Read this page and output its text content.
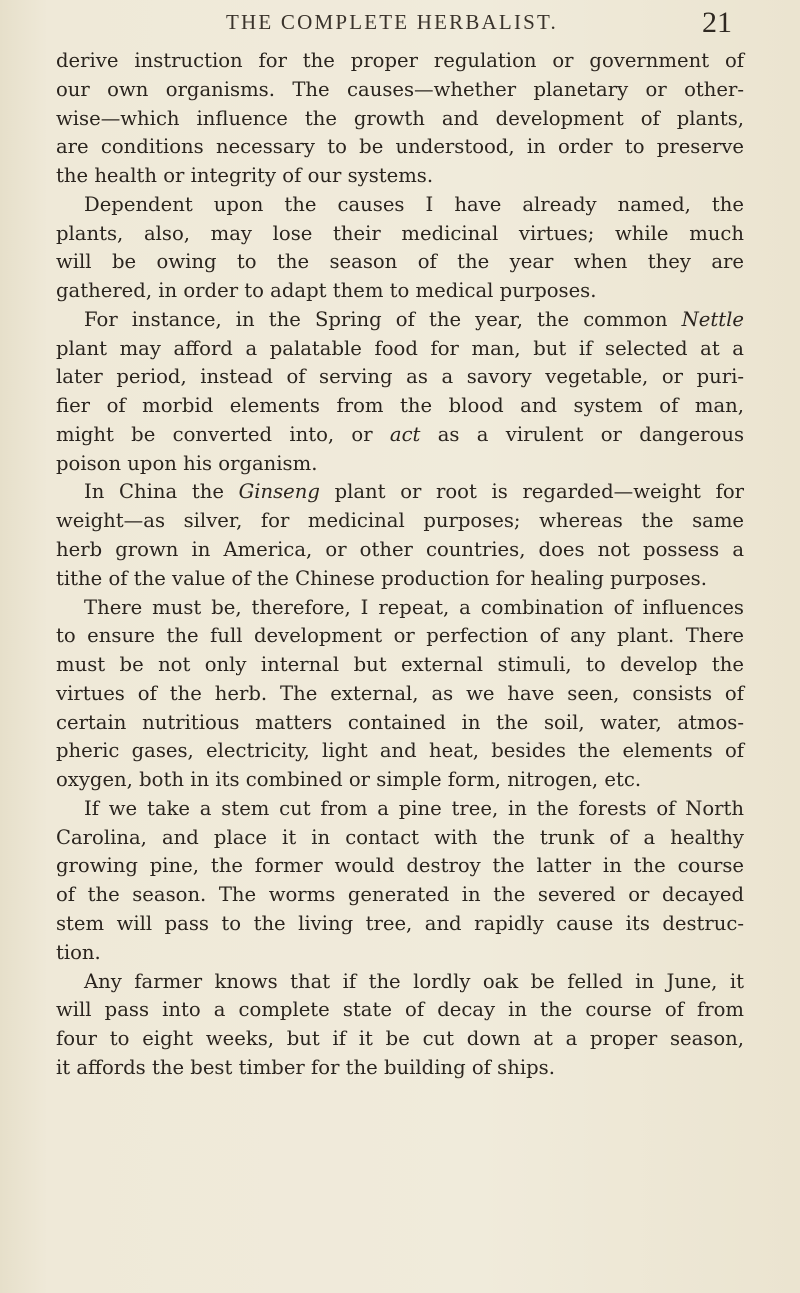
THE COMPLETE HERBALIST.	21
derive instruction for the proper regulation or government of
our own organisms. The causes—whether planetary or other-
wise—which influence the growth and development of plants,
are conditions necessary to be understood, in order to preserve
the health or integrity of our systems.
Dependent upon the causes I have already named, the
plants, also, may lose their medicinal virtues; while much
will be owing to the season of the year when they are
gathered, in order to adapt them to medical purposes.
For instance, in the Spring of the year, the common Nettle
plant may afford a palatable food for man, but if selected at a
later period, instead of serving as a savory vegetable, or puri-
fier of morbid elements from the blood and system of man,
might be converted into, or act as a virulent or dangerous
poison upon his organism.
In China the Ginseng plant or root is regarded—weight for
weight—as silver, for medicinal purposes; whereas the same
herb grown in America, or other countries, does not possess a
tithe of the value of the Chinese production for healing purposes.
There must be, therefore, I repeat, a combination of influences
to ensure the full development or perfection of any plant. There
must be not only internal but external stimuli, to develop the
virtues of the herb. The external, as we have seen, consists of
certain nutritious matters contained in the soil, water, atmos-
pheric gases, electricity, light and heat, besides the elements of
oxygen, both in its combined or simple form, nitrogen, etc.
If we take a stem cut from a pine tree, in the forests of North
Carolina, and place it in contact with the trunk of a healthy
growing pine, the former would destroy the latter in the course
of the season. The worms generated in the severed or decayed
stem will pass to the living tree, and rapidly cause its destruc-
tion.
Any farmer knows that if the lordly oak be felled in June, it
will pass into a complete state of decay in the course of from
four to eight weeks, but if it be cut down at a proper season,
it affords the best timber for the building of ships.
